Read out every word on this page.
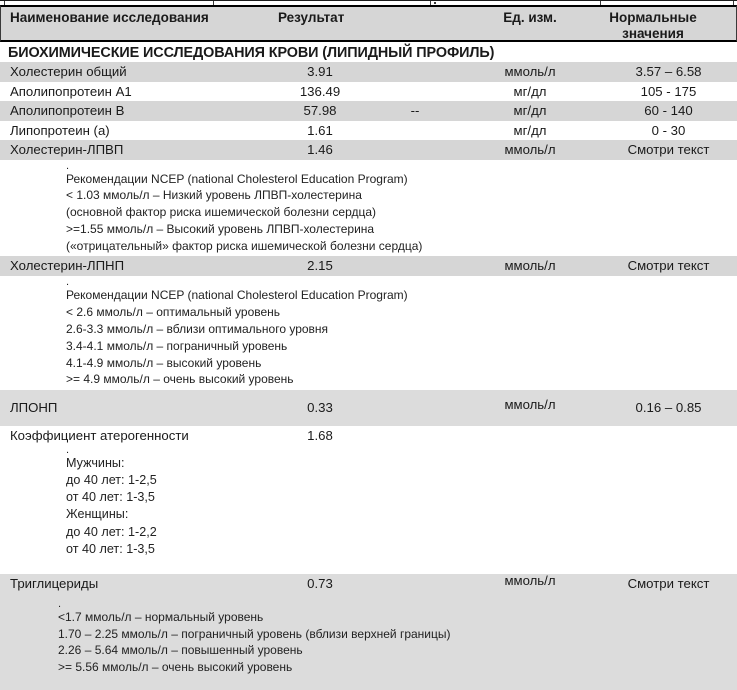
Наименование исследования	Результат	Ед. изм.	Нормальные
значения
БИОХИМИЧЕСКИЕ ИССЛЕДОВАНИЯ КРОВИ (ЛИПИДНЫЙ ПРОФИЛЬ)
Холестерин общий	3.91	ммоль/л	3.57 – 6.58
Аполипопротеин А1	136.49	мг/дл	105 - 175
Аполипопротеин В	57.98	--	мг/дл	60 - 140
Липопротеин (а)	1.61	мг/дл	0 - 30
Холестерин-ЛПВП	1.46	ммоль/л	Смотри текст
.
Рекомендации NCEP (national Cholesterol Education Program)
< 1.03 ммоль/л – Низкий уровень ЛПВП-холестерина
(основной фактор риска ишемической болезни сердца)
>=1.55 ммоль/л – Высокий уровень ЛПВП-холестерина
(«отрицательный» фактор риска ишемической болезни сердца)
Холестерин-ЛПНП	2.15	ммоль/л	Смотри текст
.
Рекомендации NCEP (national Cholesterol Education Program)
< 2.6 ммоль/л – оптимальный уровень
2.6-3.3 ммоль/л – вблизи оптимального уровня
3.4-4.1 ммоль/л – пограничный уровень
4.1-4.9 ммоль/л – высокий уровень
>= 4.9 ммоль/л – очень высокий уровень
ЛПОНП	0.33	ммоль/л	0.16 – 0.85
Коэффициент атерогенности	1.68
.
Мужчины:
до 40 лет: 1-2,5
от 40 лет: 1-3,5
Женщины:
до 40 лет: 1-2,2
от 40 лет: 1-3,5
Триглицериды	0.73	ммоль/л	Смотри текст
.
<1.7 ммоль/л – нормальный уровень
1.70 – 2.25 ммоль/л – пограничный уровень (вблизи верхней границы)
2.26 – 5.64 ммоль/л – повышенный уровень
>= 5.56 ммоль/л – очень высокий уровень
